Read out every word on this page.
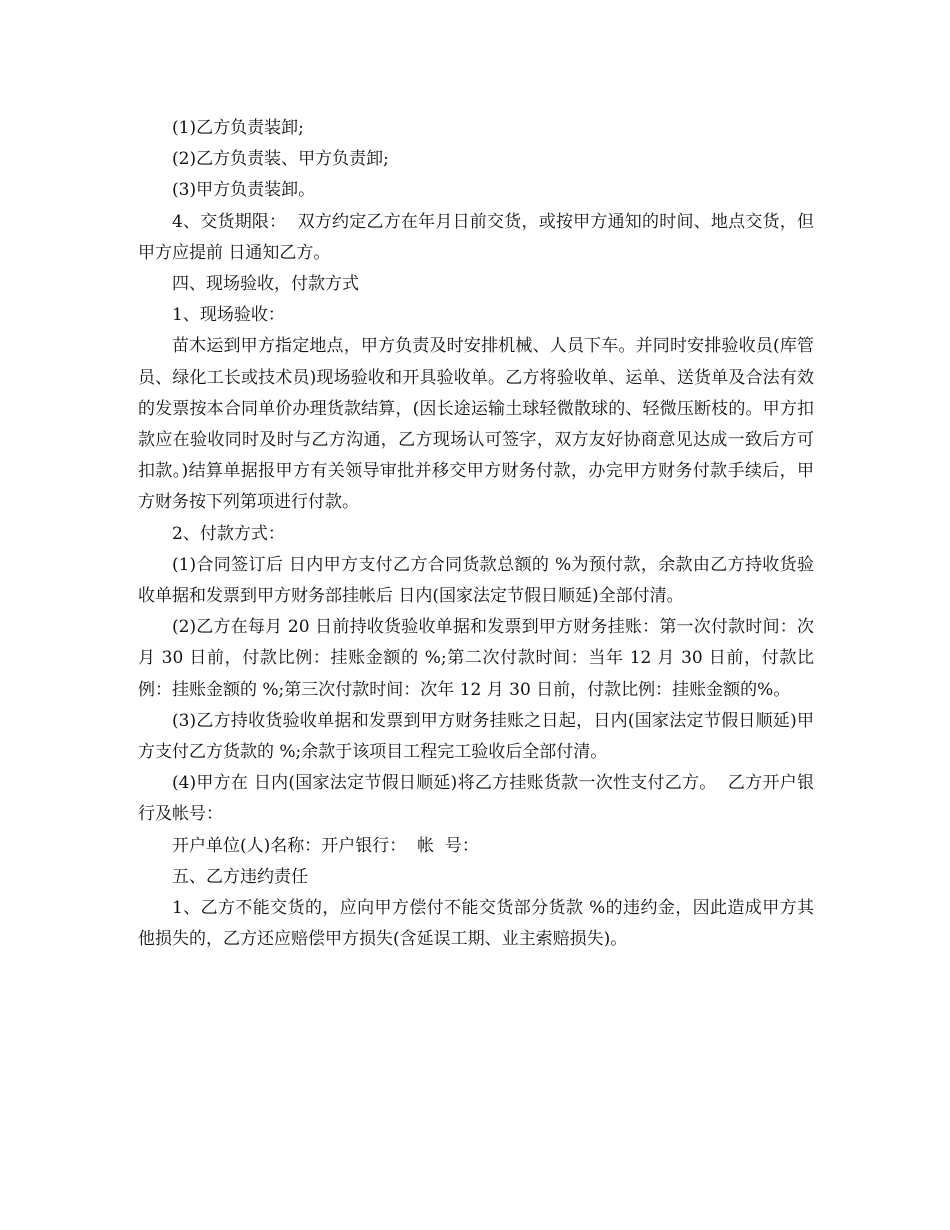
(1)乙方负责装卸;

(2)乙方负责装、甲方负责卸;

(3)甲方负责装卸。

4、交货期限：  双方约定乙方在年月日前交货，或按甲方通知的时间、地点交货，但甲方应提前 日通知乙方。

四、现场验收，付款方式

1、现场验收：

苗木运到甲方指定地点，甲方负责及时安排机械、人员下车。并同时安排验收员(库管员、绿化工长或技术员)现场验收和开具验收单。乙方将验收单、运单、送货单及合法有效的发票按本合同单价办理货款结算，(因长途运输土球轻微散球的、轻微压断枝的。甲方扣款应在验收同时及时与乙方沟通，乙方现场认可签字，双方友好协商意见达成一致后方可扣款。)结算单据报甲方有关领导审批并移交甲方财务付款，办完甲方财务付款手续后，甲方财务按下列第项进行付款。

2、付款方式：

(1)合同签订后 日内甲方支付乙方合同货款总额的 %为预付款，余款由乙方持收货验收单据和发票到甲方财务部挂帐后 日内(国家法定节假日顺延)全部付清。

(2)乙方在每月 20 日前持收货验收单据和发票到甲方财务挂账：第一次付款时间：次月 30 日前，付款比例：挂账金额的 %;第二次付款时间：当年 12 月 30 日前，付款比例：挂账金额的 %;第三次付款时间：次年 12 月 30 日前，付款比例：挂账金额的%。

(3)乙方持收货验收单据和发票到甲方财务挂账之日起，日内(国家法定节假日顺延)甲方支付乙方货款的 %;余款于该项目工程完工验收后全部付清。

(4)甲方在 日内(国家法定节假日顺延)将乙方挂账货款一次性支付乙方。  乙方开户银行及帐号：

开户单位(人)名称：开户银行：  帐  号：

五、乙方违约责任

1、乙方不能交货的，应向甲方偿付不能交货部分货款 %的违约金，因此造成甲方其他损失的，乙方还应赔偿甲方损失(含延误工期、业主索赔损失)。
